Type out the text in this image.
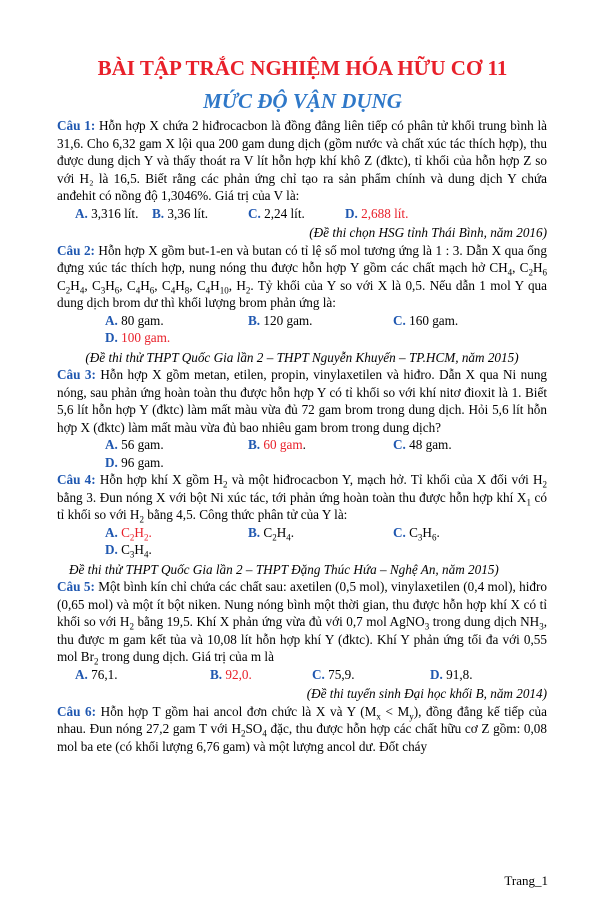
BÀI TẬP TRẮC NGHIỆM HÓA HỮU CƠ 11
MỨC ĐỘ VẬN DỤNG

Câu 1: Hỗn hợp X chứa 2 hiđrocacbon là đồng đẳng liên tiếp có phân tử khối trung bình là 31,6. Cho 6,32 gam X lội qua 200 gam dung dịch (gồm nước và chất xúc tác thích hợp), thu được dung dịch Y và thấy thoát ra V lít hỗn hợp khí khô Z (đktc), tỉ khối của hỗn hợp Z so với H₂ là 16,5. Biết rằng các phản ứng chỉ tạo ra sản phẩm chính và dung dịch Y chứa anđehit có nồng độ 1,3046%. Giá trị của V là:

A. 3,316 lít. B. 3,36 lít.	C. 2,24 lít.	D. 2,688 lít.

(Đề thi chọn HSG tỉnh Thái Bình, năm 2016)

Câu 2: Hỗn hợp X gồm but-1-en và butan có tỉ lệ số mol tương ứng là 1 : 3. Dẫn X qua ống đựng xúc tác thích hợp, nung nóng thu được hỗn hợp Y gồm các chất mạch hở $CH_4$, $C_2H_6$ $C_2H_4$, $C_3H_6$, $C_4H_6$, $C_4H_8$, $C_4H_{10}$, $H_2$. Tỷ khối của Y so với X là 0,5. Nếu dẫn 1 mol Y qua dung dịch brom dư thì khối lượng brom phản ứng là:

A. 80 gam.	B. 120 gam.	C. 160 gam.
D. 100 gam.

(Đề thi thử THPT Quốc Gia lần 2 – THPT Nguyễn Khuyến – TP.HCM, năm 2015)

Câu 3: Hỗn hợp X gồm metan, etilen, propin, vinylaxetilen và hiđro. Dẫn X qua Ni nung nóng, sau phản ứng hoàn toàn thu được hỗn hợp Y có tỉ khối so với khí nitơ đioxit là 1. Biết 5,6 lít hỗn hợp Y (đktc) làm mất màu vừa đủ 72 gam brom trong dung dịch. Hỏi 5,6 lít hỗn hợp X (đktc) làm mất màu vừa đủ bao nhiêu gam brom trong dung dịch?

A. 56 gam.	B. 60 gam.	C. 48 gam.
D. 96 gam.

Câu 4: Hỗn hợp khí X gồm $H_2$ và một hiđrocacbon Y, mạch hở. Tỉ khối của X đối với $H_2$ bằng 3. Đun nóng X với bột Ni xúc tác, tới phản ứng hoàn toàn thu được hỗn hợp khí $X_1$ có tỉ khối so với $H_2$ bằng 4,5. Công thức phân tử của Y là:

A. $C_2H_2$.	B. $C_2H_4$.	C. $C_3H_6$.
D. $C_3H_4$.

Đề thi thử THPT Quốc Gia lần 2 – THPT Đặng Thúc Hứa – Nghệ An, năm 2015)

Câu 5: Một bình kín chỉ chứa các chất sau: axetilen (0,5 mol), vinylaxetilen (0,4 mol), hiđro (0,65 mol) và một ít bột niken. Nung nóng bình một thời gian, thu được hỗn hợp khí X có tỉ khối so với $H_2$ bằng 19,5. Khí X phản ứng vừa đủ với 0,7 mol AgNO$_3$ trong dung dịch $NH_3$, thu được m gam kết tủa và 10,08 lít hỗn hợp khí Y (đktc). Khí Y phản ứng tối đa với 0,55 mol $Br_2$ trong dung dịch. Giá trị của m là

A. 76,1.	B. 92,0.	C. 75,9.	D. 91,8.

(Đề thi tuyển sinh Đại học khối B, năm 2014)

Câu 6: Hỗn hợp T gồm hai ancol đơn chức là X và Y $(M_x < M_y)$, đồng đẳng kế tiếp của nhau. Đun nóng 27,2 gam T với $H_2SO_4$ đặc, thu được hỗn hợp các chất hữu cơ Z gồm: 0,08 mol ba ete (có khối lượng 6,76 gam) và một lượng ancol dư. Đốt cháy

Trang_1
